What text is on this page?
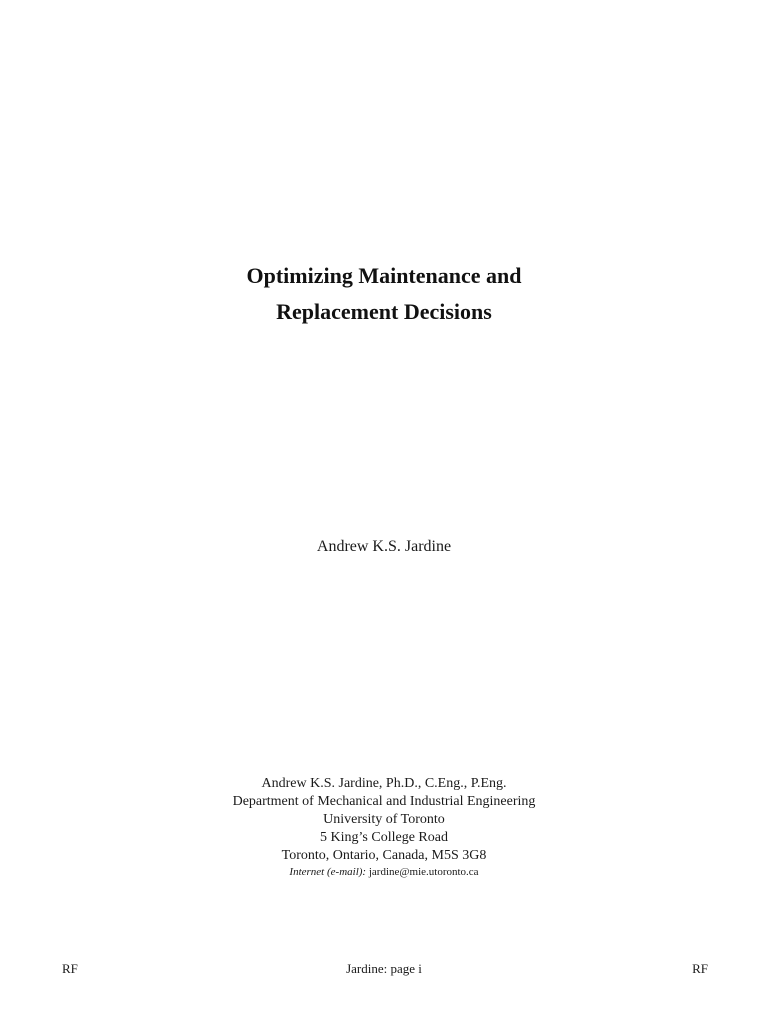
Optimizing Maintenance and
Replacement Decisions
Andrew K.S. Jardine
Andrew K.S. Jardine, Ph.D., C.Eng., P.Eng.
Department of Mechanical and Industrial Engineering
University of Toronto
5 King’s College Road
Toronto, Ontario, Canada, M5S 3G8
Internet (e-mail): jardine@mie.utoronto.ca
RF	Jardine: page i	RF
